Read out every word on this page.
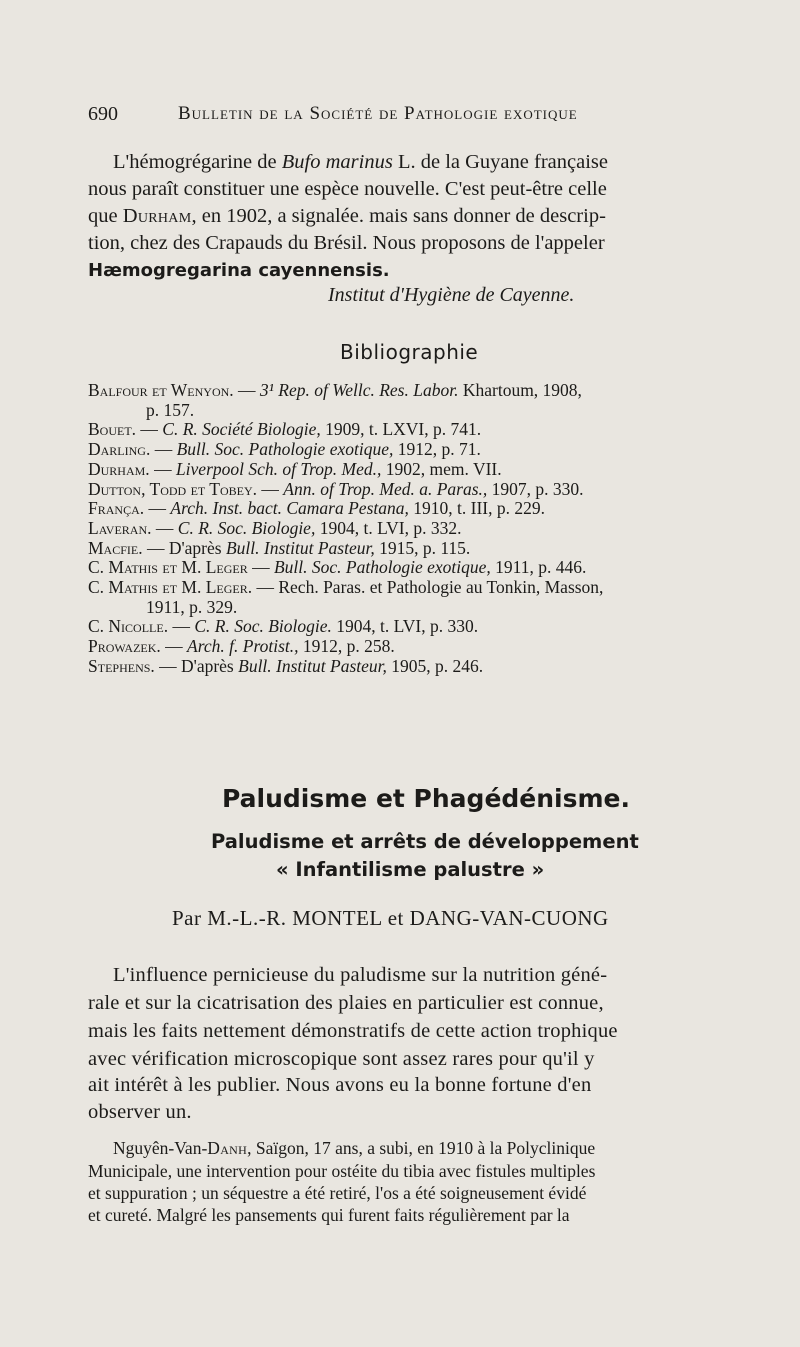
690	Bulletin de la Société de Pathologie exotique
L'hémogrégarine de Bufo marinus L. de la Guyane française
nous paraît constituer une espèce nouvelle. C'est peut-être celle
que Durham, en 1902, a signalée. mais sans donner de descrip-
tion, chez des Crapauds du Brésil. Nous proposons de l'appeler
Hæmogregarina cayennensis.
Institut d'Hygiène de Cayenne.
Bibliographie
Balfour et Wenyon. — 3¹ Rep. of Wellc. Res. Labor. Khartoum, 1908,
p. 157.
Bouet. — C. R. Société Biologie, 1909, t. LXVI, p. 741.
Darling. — Bull. Soc. Pathologie exotique, 1912, p. 71.
Durham. — Liverpool Sch. of Trop. Med., 1902, mem. VII.
Dutton, Todd et Tobey. — Ann. of Trop. Med. a. Paras., 1907, p. 330.
França. — Arch. Inst. bact. Camara Pestana, 1910, t. III, p. 229.
Laveran. — C. R. Soc. Biologie, 1904, t. LVI, p. 332.
Macfie. — D'après Bull. Institut Pasteur, 1915, p. 115.
C. Mathis et M. Leger — Bull. Soc. Pathologie exotique, 1911, p. 446.
C. Mathis et M. Leger. — Rech. Paras. et Pathologie au Tonkin, Masson,
1911, p. 329.
C. Nicolle. — C. R. Soc. Biologie. 1904, t. LVI, p. 330.
Prowazek. — Arch. f. Protist., 1912, p. 258.
Stephens. — D'après Bull. Institut Pasteur, 1905, p. 246.
Paludisme et Phagédénisme.
Paludisme et arrêts de développement
« Infantilisme palustre »
Par M.-L.-R. MONTEL et DANG-VAN-CUONG
L'influence pernicieuse du paludisme sur la nutrition géné-
rale et sur la cicatrisation des plaies en particulier est connue,
mais les faits nettement démonstratifs de cette action trophique
avec vérification microscopique sont assez rares pour qu'il y
ait intérêt à les publier. Nous avons eu la bonne fortune d'en
observer un.
Nguyên-Van-Danh, Saïgon, 17 ans, a subi, en 1910 à la Polyclinique
Municipale, une intervention pour ostéite du tibia avec fistules multiples
et suppuration ; un séquestre a été retiré, l'os a été soigneusement évidé
et cureté. Malgré les pansements qui furent faits régulièrement par la
